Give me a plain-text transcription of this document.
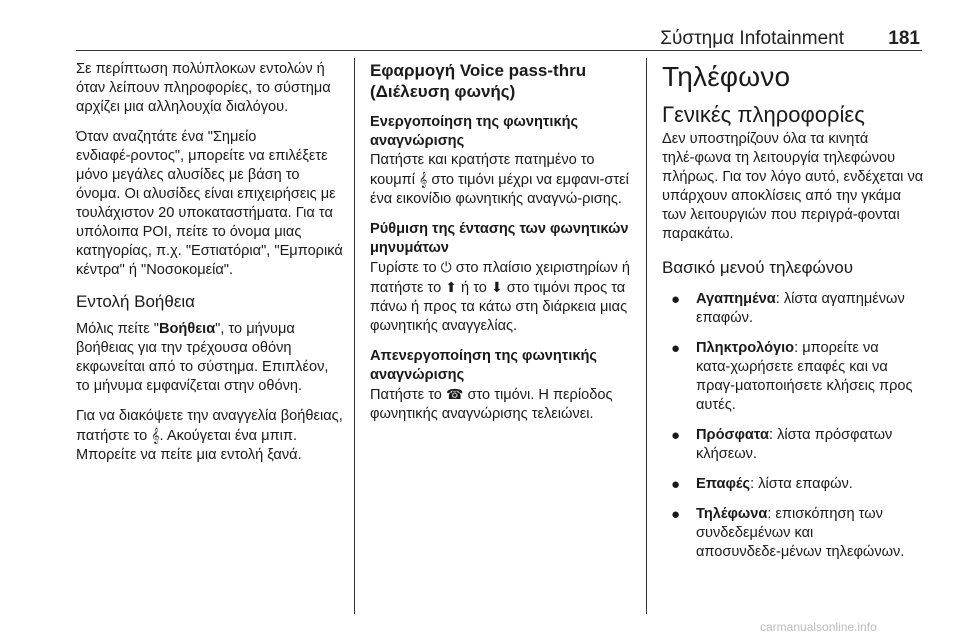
Σύστημα Infotainment 181

Σε περίπτωση πολύπλοκων εντολών ή όταν λείπουν πληροφορίες, το σύστημα αρχίζει μια αλληλουχία διαλόγου.

Όταν αναζητάτε ένα "Σημείο ενδιαφέ‑ροντος", μπορείτε να επιλέξετε μόνο μεγάλες αλυσίδες με βάση το όνομα. Οι αλυσίδες είναι επιχειρήσεις με τουλάχιστον 20 υποκαταστήματα. Για τα υπόλοιπα POI, πείτε το όνομα μιας κατηγορίας, π.χ. "Εστιατόρια", "Εμπορικά κέντρα" ή "Νοσοκομεία".

Εντολή Βοήθεια

Μόλις πείτε "Βοήθεια", το μήνυμα βοήθειας για την τρέχουσα οθόνη εκφωνείται από το σύστημα. Επιπλέον, το μήνυμα εμφανίζεται στην οθόνη.

Για να διακόψετε την αναγγελία βοήθειας, πατήστε το 𝄞. Ακούγεται ένα μπιπ. Μπορείτε να πείτε μια εντολή ξανά.

Εφαρμογή Voice pass-thru (Διέλευση φωνής)
Ενεργοποίηση της φωνητικής αναγνώρισης

Πατήστε και κρατήστε πατημένο το κουμπί 𝄞 στο τιμόνι μέχρι να εμφανι‑στεί ένα εικονίδιο φωνητικής αναγνώ‑ρισης.

Ρύθμιση της έντασης των φωνητικών μηνυμάτων

Γυρίστε το ⏻ στο πλαίσιο χειριστηρίων ή πατήστε το ⬆ ή το ⬇ στο τιμόνι προς τα πάνω ή προς τα κάτω στη διάρκεια μιας φωνητικής αναγγελίας.

Απενεργοποίηση της φωνητικής αναγνώρισης

Πατήστε το ☎ στο τιμόνι. Η περίοδος φωνητικής αναγνώρισης τελειώνει.

Τηλέφωνο
Γενικές πληροφορίες

Δεν υποστηρίζουν όλα τα κινητά τηλέ‑φωνα τη λειτουργία τηλεφώνου πλήρως. Για τον λόγο αυτό, ενδέχεται να υπάρχουν αποκλίσεις από την γκάμα των λειτουργιών που περιγρά‑φονται παρακάτω.

Βασικό μενού τηλεφώνου
● Αγαπημένα: λίστα αγαπημένων επαφών.
● Πληκτρολόγιο: μπορείτε να κατα‑χωρήσετε επαφές και να πραγ‑ματοποιήσετε κλήσεις προς αυτές.
● Πρόσφατα: λίστα πρόσφατων κλήσεων.
● Επαφές: λίστα επαφών.
● Τηλέφωνα: επισκόπηση των συνδεδεμένων και αποσυνδεδε‑μένων τηλεφώνων.
carmanualsonline.info
